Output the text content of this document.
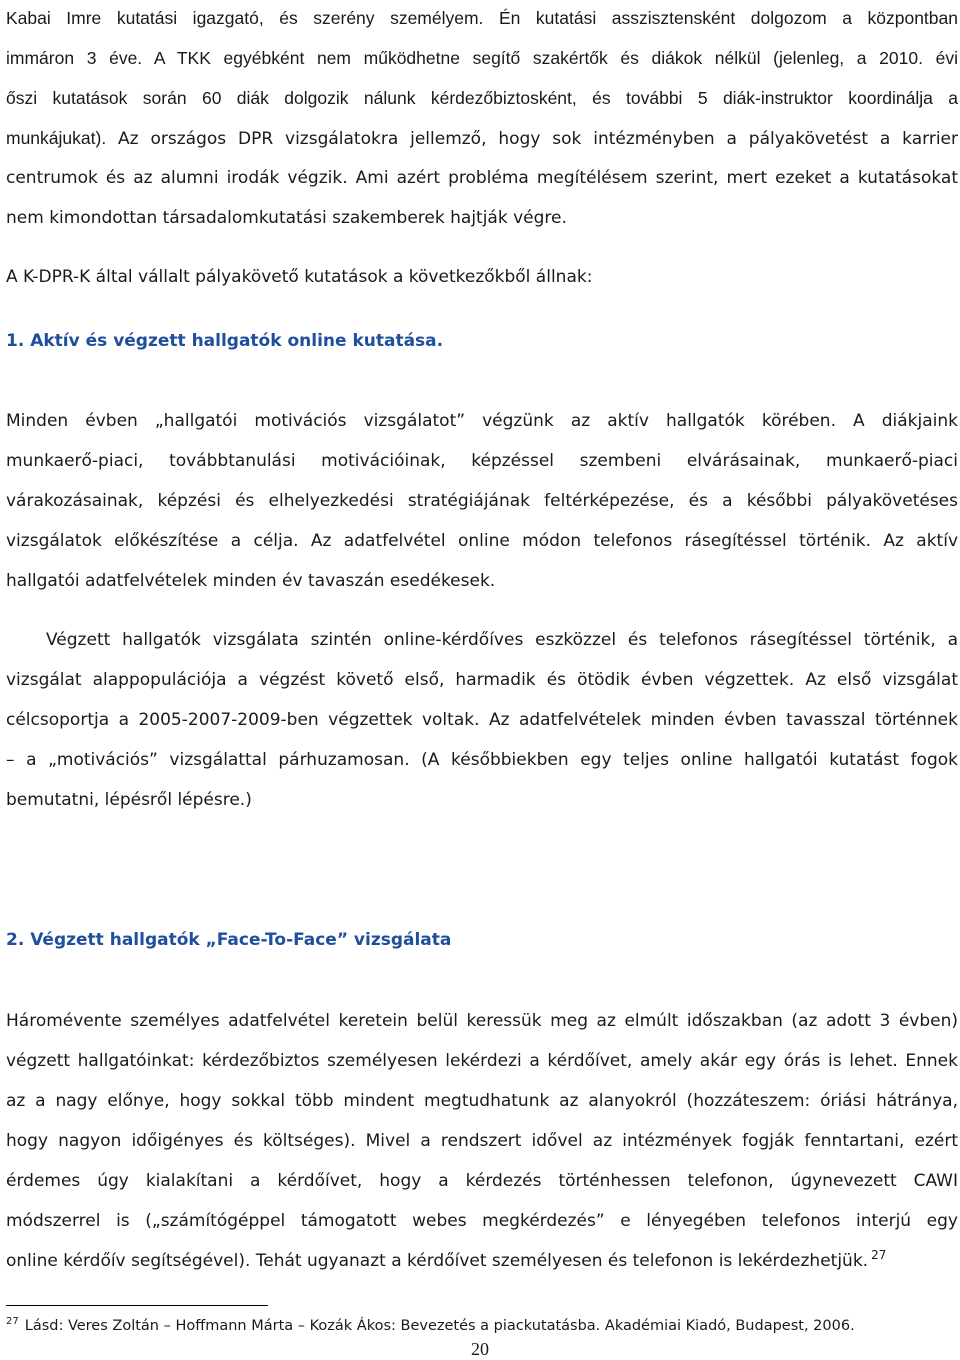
Kabai Imre kutatási igazgató, és szerény személyem. Én kutatási asszisztensként dolgozom a központban
immáron 3 éve. A TKK egyébként nem működhetne segítő szakértők és diákok nélkül (jelenleg, a 2010. évi
őszi kutatások során 60 diák dolgozik nálunk kérdezőbiztosként, és további 5 diák-instruktor koordinálja a
munkájukat). Az országos DPR vizsgálatokra jellemző, hogy sok intézményben a pályakövetést a karrier
centrumok és az alumni irodák végzik. Ami azért probléma megítélésem szerint, mert ezeket a kutatásokat
nem kimondottan társadalomkutatási szakemberek hajtják végre.
A K-DPR-K által vállalt pályakövető kutatások a következőkből állnak:
1. Aktív és végzett hallgatók online kutatása.
Minden évben „hallgatói motivációs vizsgálatot” végzünk az aktív hallgatók körében. A diákjaink
munkaerő-piaci, továbbtanulási motivációinak, képzéssel szembeni elvárásainak, munkaerő-piaci
várakozásainak, képzési és elhelyezkedési stratégiájának feltérképezése, és a későbbi pályakövetéses
vizsgálatok előkészítése a célja. Az adatfelvétel online módon telefonos rásegítéssel történik. Az aktív
hallgatói adatfelvételek minden év tavaszán esedékesek.
Végzett hallgatók vizsgálata szintén online-kérdőíves eszközzel és telefonos rásegítéssel történik, a
vizsgálat alappopulációja a végzést követő első, harmadik és ötödik évben végzettek. Az első vizsgálat
célcsoportja a 2005-2007-2009-ben végzettek voltak. Az adatfelvételek minden évben tavasszal történnek
– a „motivációs” vizsgálattal párhuzamosan. (A későbbiekben egy teljes online hallgatói kutatást fogok
bemutatni, lépésről lépésre.)
2. Végzett hallgatók „Face-To-Face” vizsgálata
Háromévente személyes adatfelvétel keretein belül keressük meg az elmúlt időszakban (az adott 3 évben)
végzett hallgatóinkat: kérdezőbiztos személyesen lekérdezi a kérdőívet, amely akár egy órás is lehet. Ennek
az a nagy előnye, hogy sokkal több mindent megtudhatunk az alanyokról (hozzáteszem: óriási hátránya,
hogy nagyon időigényes és költséges). Mivel a rendszert idővel az intézmények fogják fenntartani, ezért
érdemes úgy kialakítani a kérdőívet, hogy a kérdezés történhessen telefonon, úgynevezett CAWI
módszerrel is („számítógéppel támogatott webes megkérdezés” e lényegében telefonos interjú egy
online kérdőív segítségével). Tehát ugyanazt a kérdőívet személyesen és telefonon is lekérdezhetjük. $^{27}$
$^{27}$ Lásd: Veres Zoltán – Hoffmann Márta – Kozák Ákos: Bevezetés a piackutatásba. Akadémiai Kiadó, Budapest, 2006.
20
